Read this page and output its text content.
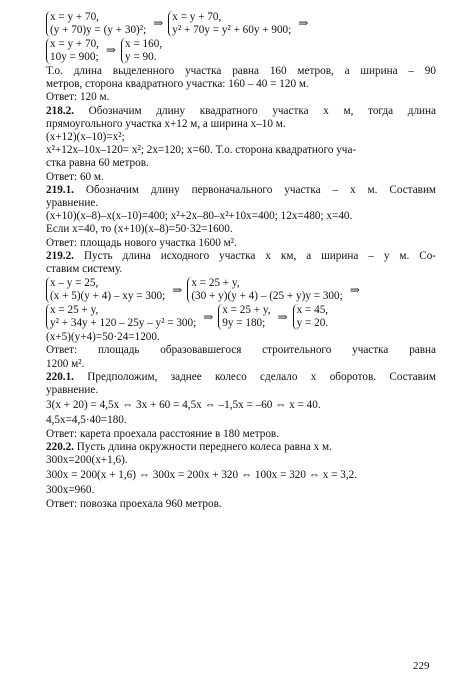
x = y + 70,
(y + 70)y = (y + 30)²; ⇒ x = y + 70,
y² + 70y = y² + 60y + 900; ⇒
x = y + 70,
10y = 900; ⇒ x = 160,
y = 90.
Т.о. длина выделенного участка равна 160 метров, а ширина – 90
метров, сторона квадратного участка: 160 – 40 = 120 м.
Ответ: 120 м.
218.2. Обозначим длину квадратного участка x м, тогда длина
прямоугольного участка x+12 м, а ширина x–10 м.
(x+12)(x–10)=x²;
x²+12x–10x–120= x²; 2x=120; x=60. Т.о. сторона квадратного уча-
стка равна 60 метров.
Ответ: 60 м.
219.1. Обозначим длину первоначального участка – x м. Составим
уравнение.
(x+10)(x–8)–x(x–10)=400; x²+2x–80–x²+10x=400; 12x=480; x=40.
Если x=40, то (x+10)(x–8)=50·32=1600.
Ответ: площадь нового участка 1600 м².
219.2. Пусть длина исходного участка x км, а ширина – y м. Со-
ставим систему.
x – y = 25,
(x + 5)(y + 4) – xy = 300; ⇒ x = 25 + y,
(30 + y)(y + 4) – (25 + y)y = 300; ⇒
x = 25 + y,
y² + 34y + 120 – 25y – y² = 300; ⇒ x = 25 + y,
9y = 180;	⇒ x = 45,
y = 20.
(x+5)(y+4)=50·24=1200.
Ответ: площадь образовавшегося строительного участка равна
1200 м².
220.1. Предположим, заднее колесо сделало x оборотов. Составим
уравнение.
3(x + 20) = 4,5x ⇔ 3x + 60 = 4,5x ⇔ –1,5x = –60 ⇔ x = 40.
4,5x=4,5·40=180.
Ответ: карета проехала расстояние в 180 метров.
220.2. Пусть длина окружности переднего колеса равна x м.
300x=200(x+1,6).
300x = 200(x + 1,6) ⇔ 300x = 200x + 320 ⇔ 100x = 320 ⇔ x = 3,2.
300x=960.
Ответ: повозка проехала 960 метров.
229
